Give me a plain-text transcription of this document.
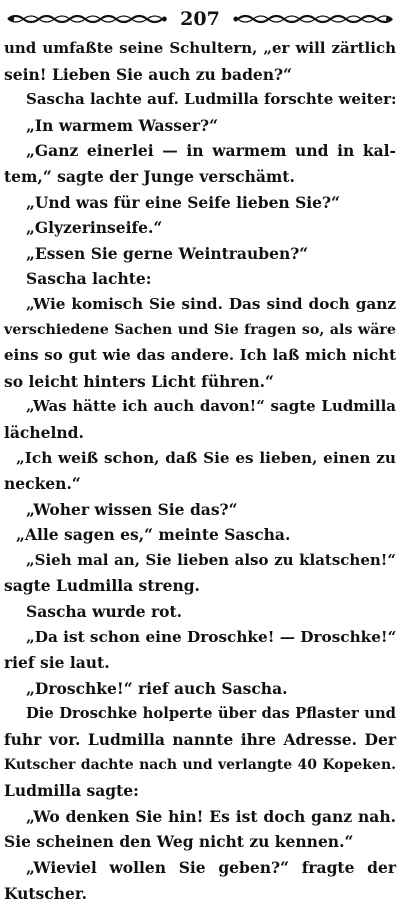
207
und umfaßte seine Schultern, „er will zärtlich
sein! Lieben Sie auch zu baden?“
Sascha lachte auf. Ludmilla forschte weiter:
„In warmem Wasser?“
„Ganz einerlei — in warmem und in kal-
tem,“ sagte der Junge verschämt.
„Und was für eine Seife lieben Sie?“
„Glyzerinseife.“
„Essen Sie gerne Weintrauben?“
Sascha lachte:
„Wie komisch Sie sind. Das sind doch ganz
verschiedene Sachen und Sie fragen so, als wäre
eins so gut wie das andere. Ich laß mich nicht
so leicht hinters Licht führen.“
„Was hätte ich auch davon!“ sagte Ludmilla
lächelnd.
„Ich weiß schon, daß Sie es lieben, einen zu
necken.“
„Woher wissen Sie das?“
„Alle sagen es,“ meinte Sascha.
„Sieh mal an, Sie lieben also zu klatschen!“
sagte Ludmilla streng.
Sascha wurde rot.
„Da ist schon eine Droschke! — Droschke!“
rief sie laut.
„Droschke!“ rief auch Sascha.
Die Droschke holperte über das Pflaster und
fuhr vor. Ludmilla nannte ihre Adresse. Der
Kutscher dachte nach und verlangte 40 Kopeken.
Ludmilla sagte:
„Wo denken Sie hin! Es ist doch ganz nah.
Sie scheinen den Weg nicht zu kennen.“
„Wieviel wollen Sie geben?“ fragte der
Kutscher.
